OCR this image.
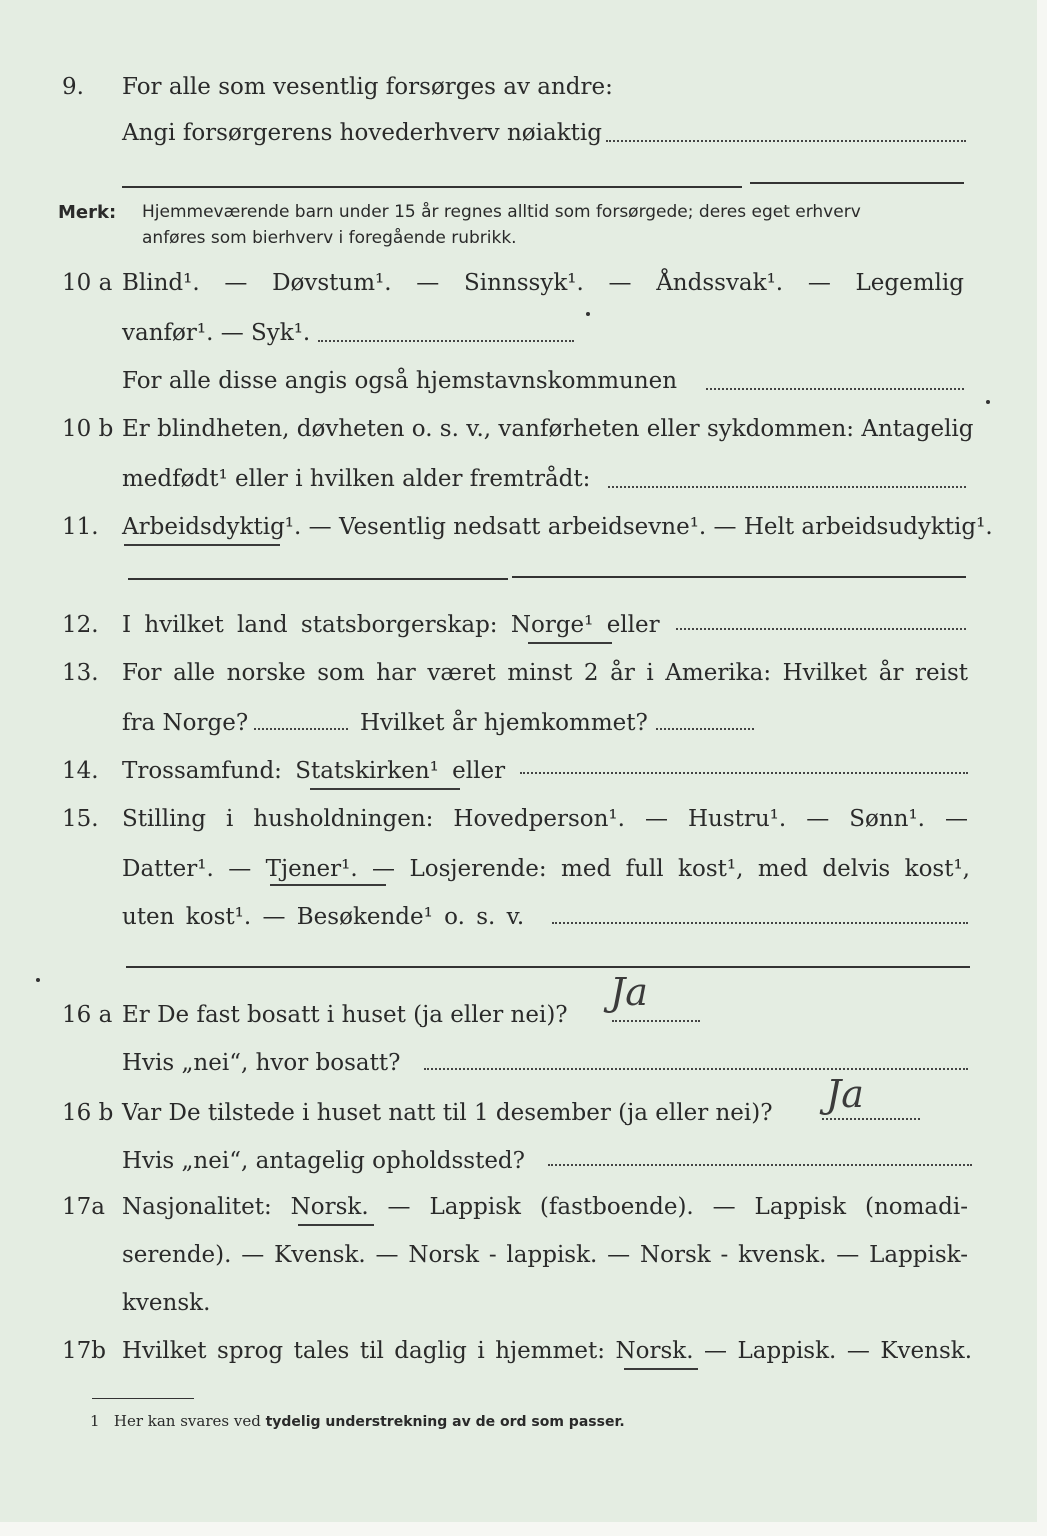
9. For alle som vesentlig forsørges av andre:
Angi forsørgerens hovederhverv nøiaktig
Merk: Hjemmeværende barn under 15 år regnes alltid som forsørgede; deres eget erhverv
anføres som bierhverv i foregående rubrikk.
10 a Blind¹. — Døvstum¹. — Sinnssyk¹. — Åndssvak¹. — Legemlig
vanfør¹. — Syk¹.
For alle disse angis også hjemstavnskommunen
10 b Er blindheten, døvheten o. s. v., vanførheten eller sykdommen: Antagelig
medfødt¹ eller i hvilken alder fremtrådt:
11. Arbeidsdyktig¹. — Vesentlig nedsatt arbeidsevne¹. — Helt arbeidsudyktig¹.
12. I hvilket land statsborgerskap: Norge¹ eller
13. For alle norske som har været minst 2 år i Amerika: Hvilket år reist
fra Norge?	Hvilket år hjemkommet?
14. Trossamfund: Statskirken¹ eller
15. Stilling i husholdningen: Hovedperson¹. — Hustru¹. — Sønn¹. —
Datter¹. — Tjener¹. — Losjerende: med full kost¹, med delvis kost¹,
uten kost¹. — Besøkende¹ o. s. v.
16 a Er De fast bosatt i huset (ja eller nei)?
Ja
Hvis „nei“, hvor bosatt?
16 b Var De tilstede i huset natt til 1 desember (ja eller nei)? Ja
Hvis „nei“, antagelig opholdssted?
17a Nasjonalitet: Norsk. — Lappisk (fastboende). — Lappisk (nomadi-
serende). — Kvensk. — Norsk - lappisk. — Norsk - kvensk. — Lappisk-
kvensk.
17b Hvilket sprog tales til daglig i hjemmet: Norsk. — Lappisk. — Kvensk.
1 Her kan svares ved tydelig understrekning av de ord som passer.
